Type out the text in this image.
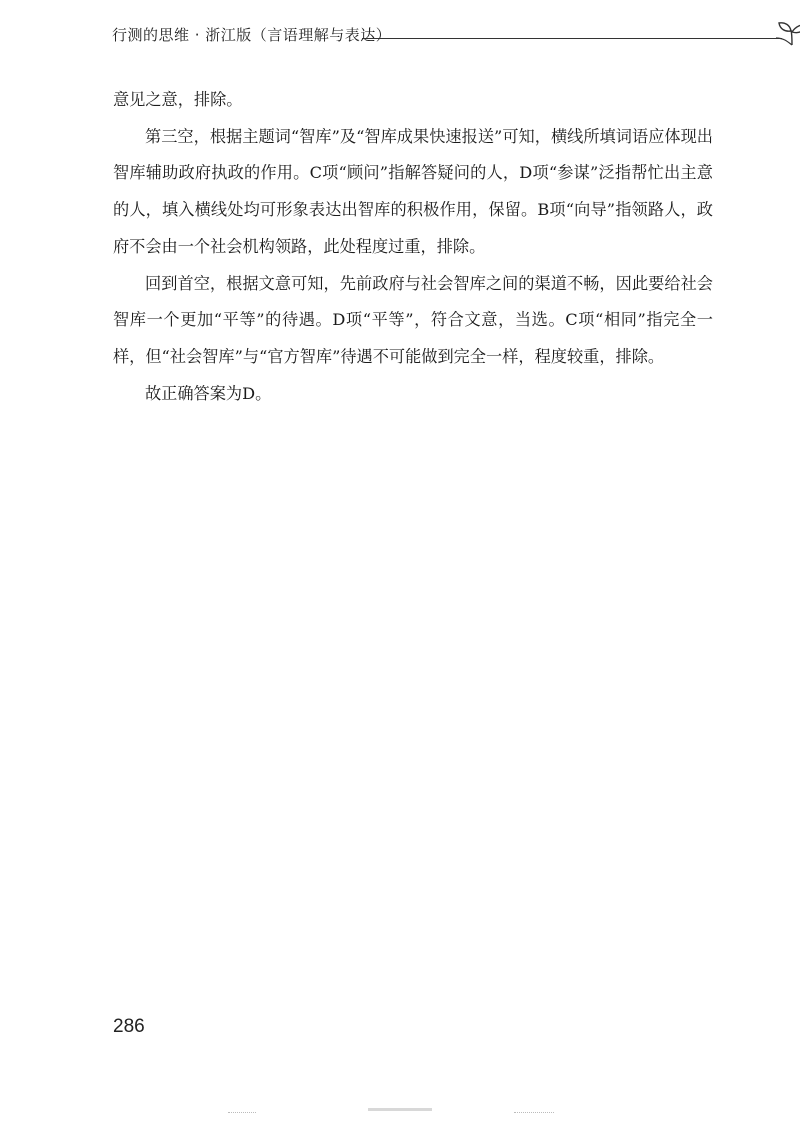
行测的思维 · 浙江版（言语理解与表达）

意见之意，排除。

第三空，根据主题词“智库”及“智库成果快速报送”可知，横线所填词语应体现出智库辅助政府执政的作用。C项“顾问”指解答疑问的人，D项“参谋”泛指帮忙出主意的人，填入横线处均可形象表达出智库的积极作用，保留。B项“向导”指领路人，政府不会由一个社会机构领路，此处程度过重，排除。

回到首空，根据文意可知，先前政府与社会智库之间的渠道不畅，因此要给社会智库一个更加“平等”的待遇。D项“平等”，符合文意，当选。C项“相同”指完全一样，但“社会智库”与“官方智库”待遇不可能做到完全一样，程度较重，排除。

故正确答案为D。

286
